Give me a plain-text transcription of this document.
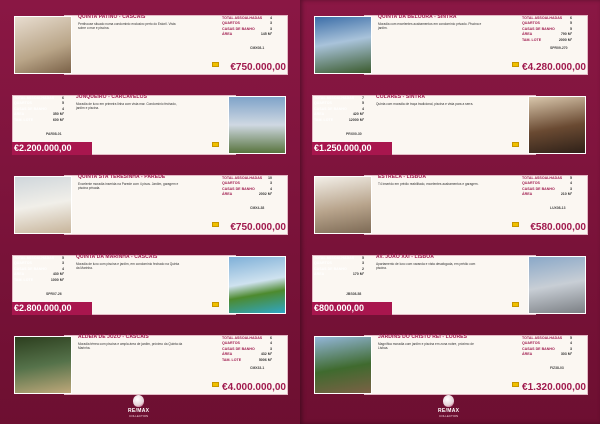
QUINTA PATINO - CASCAIS
Penthouse situado numa condominio exclusivo perto do Estoril. Vista sobre o mar e piscina.
TOTAL ASSOALHADAS 4
QUARTOS	3
CASAS DE BANHO	3
ÁREA	145 M²
CMX08-1
€750.000,00
JUNQUEIRO - CARCAVELOS
Moradia de luxo em primeira linha com vista mar. Condomínio fechado, jardim e piscina.
TOTAL ASSOALHADAS 6
QUARTOS	5
CASAS DE BANHO	4
ÁREA	350 M²
TAM. LOTE	600 M²
PAR08-01
€2.200.000,00
QUINTA STA TERESINHA - PAREDE
Excelente moradia inserida na Parede com 4 pisos. Jardim, garagem e piscina privada.
TOTAL ASSOALHADAS 10
QUARTOS	3
CASAS DE BANHO	4
ÁREA	2002 M²
CMX4-38
€750.000,00
QUINTA DA MARINHA - CASCAIS
Moradia de luxo com piscina e jardim, em condomínio fechado na Quinta da Marinha.
TOTAL ASSOALHADAS 5
QUARTOS	3
CASAS DE BANHO	4
ÁREA	430 M²
TAM. LOTE	1000 M²
SPR07-26
€2.800.000,00
ALDEIA DE JUZO - CASCAIS
Moradia térrea com piscina e ampla área de jardim, próximo da Quinta da Marinha.
TOTAL ASSOALHADAS 6
QUARTOS	4
CASAS DE BANHO	3
ÁREA	432 M²
TAM. LOTE	5006 M²
CMX33-1
€4.000.000,00
RE/MAX
COLLECTION
QUINTA DA BELOURA - SINTRA
Moradia com excelentes acabamentos em condomínio privado. Piscina e jardim.
TOTAL ASSOALHADAS 6
QUARTOS	5
CASAS DE BANHO	5
ÁREA	790 M²
TAM. LOTE	2000 M²
SPR09-270
€4.280.000,00
COLARES - SINTRA
Quinta com moradia de traça tradicional, piscina e vista para a serra.
TOTAL ASSOALHADAS 7
QUARTOS	5
CASAS DE BANHO	4
ÁREA	420 M²
TAM. LOTE	12000 M²
PRX00-30
€1.250.000,00
ESTRELA - LISBOA
T4 inserido em prédio reabilitado, excelentes acabamentos e garagem.
TOTAL ASSOALHADAS 5
QUARTOS	4
CASAS DE BANHO	3
ÁREA	210 M²
LUX08-13
€580.000,00
AV. JOÃO XXI - LISBOA
Apartamento de luxo com varanda e vista desafogada, em prédio com piscina.
TOTAL ASSOALHADAS 5
QUARTOS	3
CASAS DE BANHO	2
ÁREA	170 M²
JBS08-58
€800.000,00
JARDINS DO CRISTO REI - LOURES
Magnífica moradia com jardim e piscina em zona nobre, próximo de Lisboa.
TOTAL ASSOALHADAS 5
QUARTOS	4
CASAS DE BANHO	3
ÁREA	303 M²
FIZ38-03
€1.320.000,00
RE/MAX
COLLECTION
